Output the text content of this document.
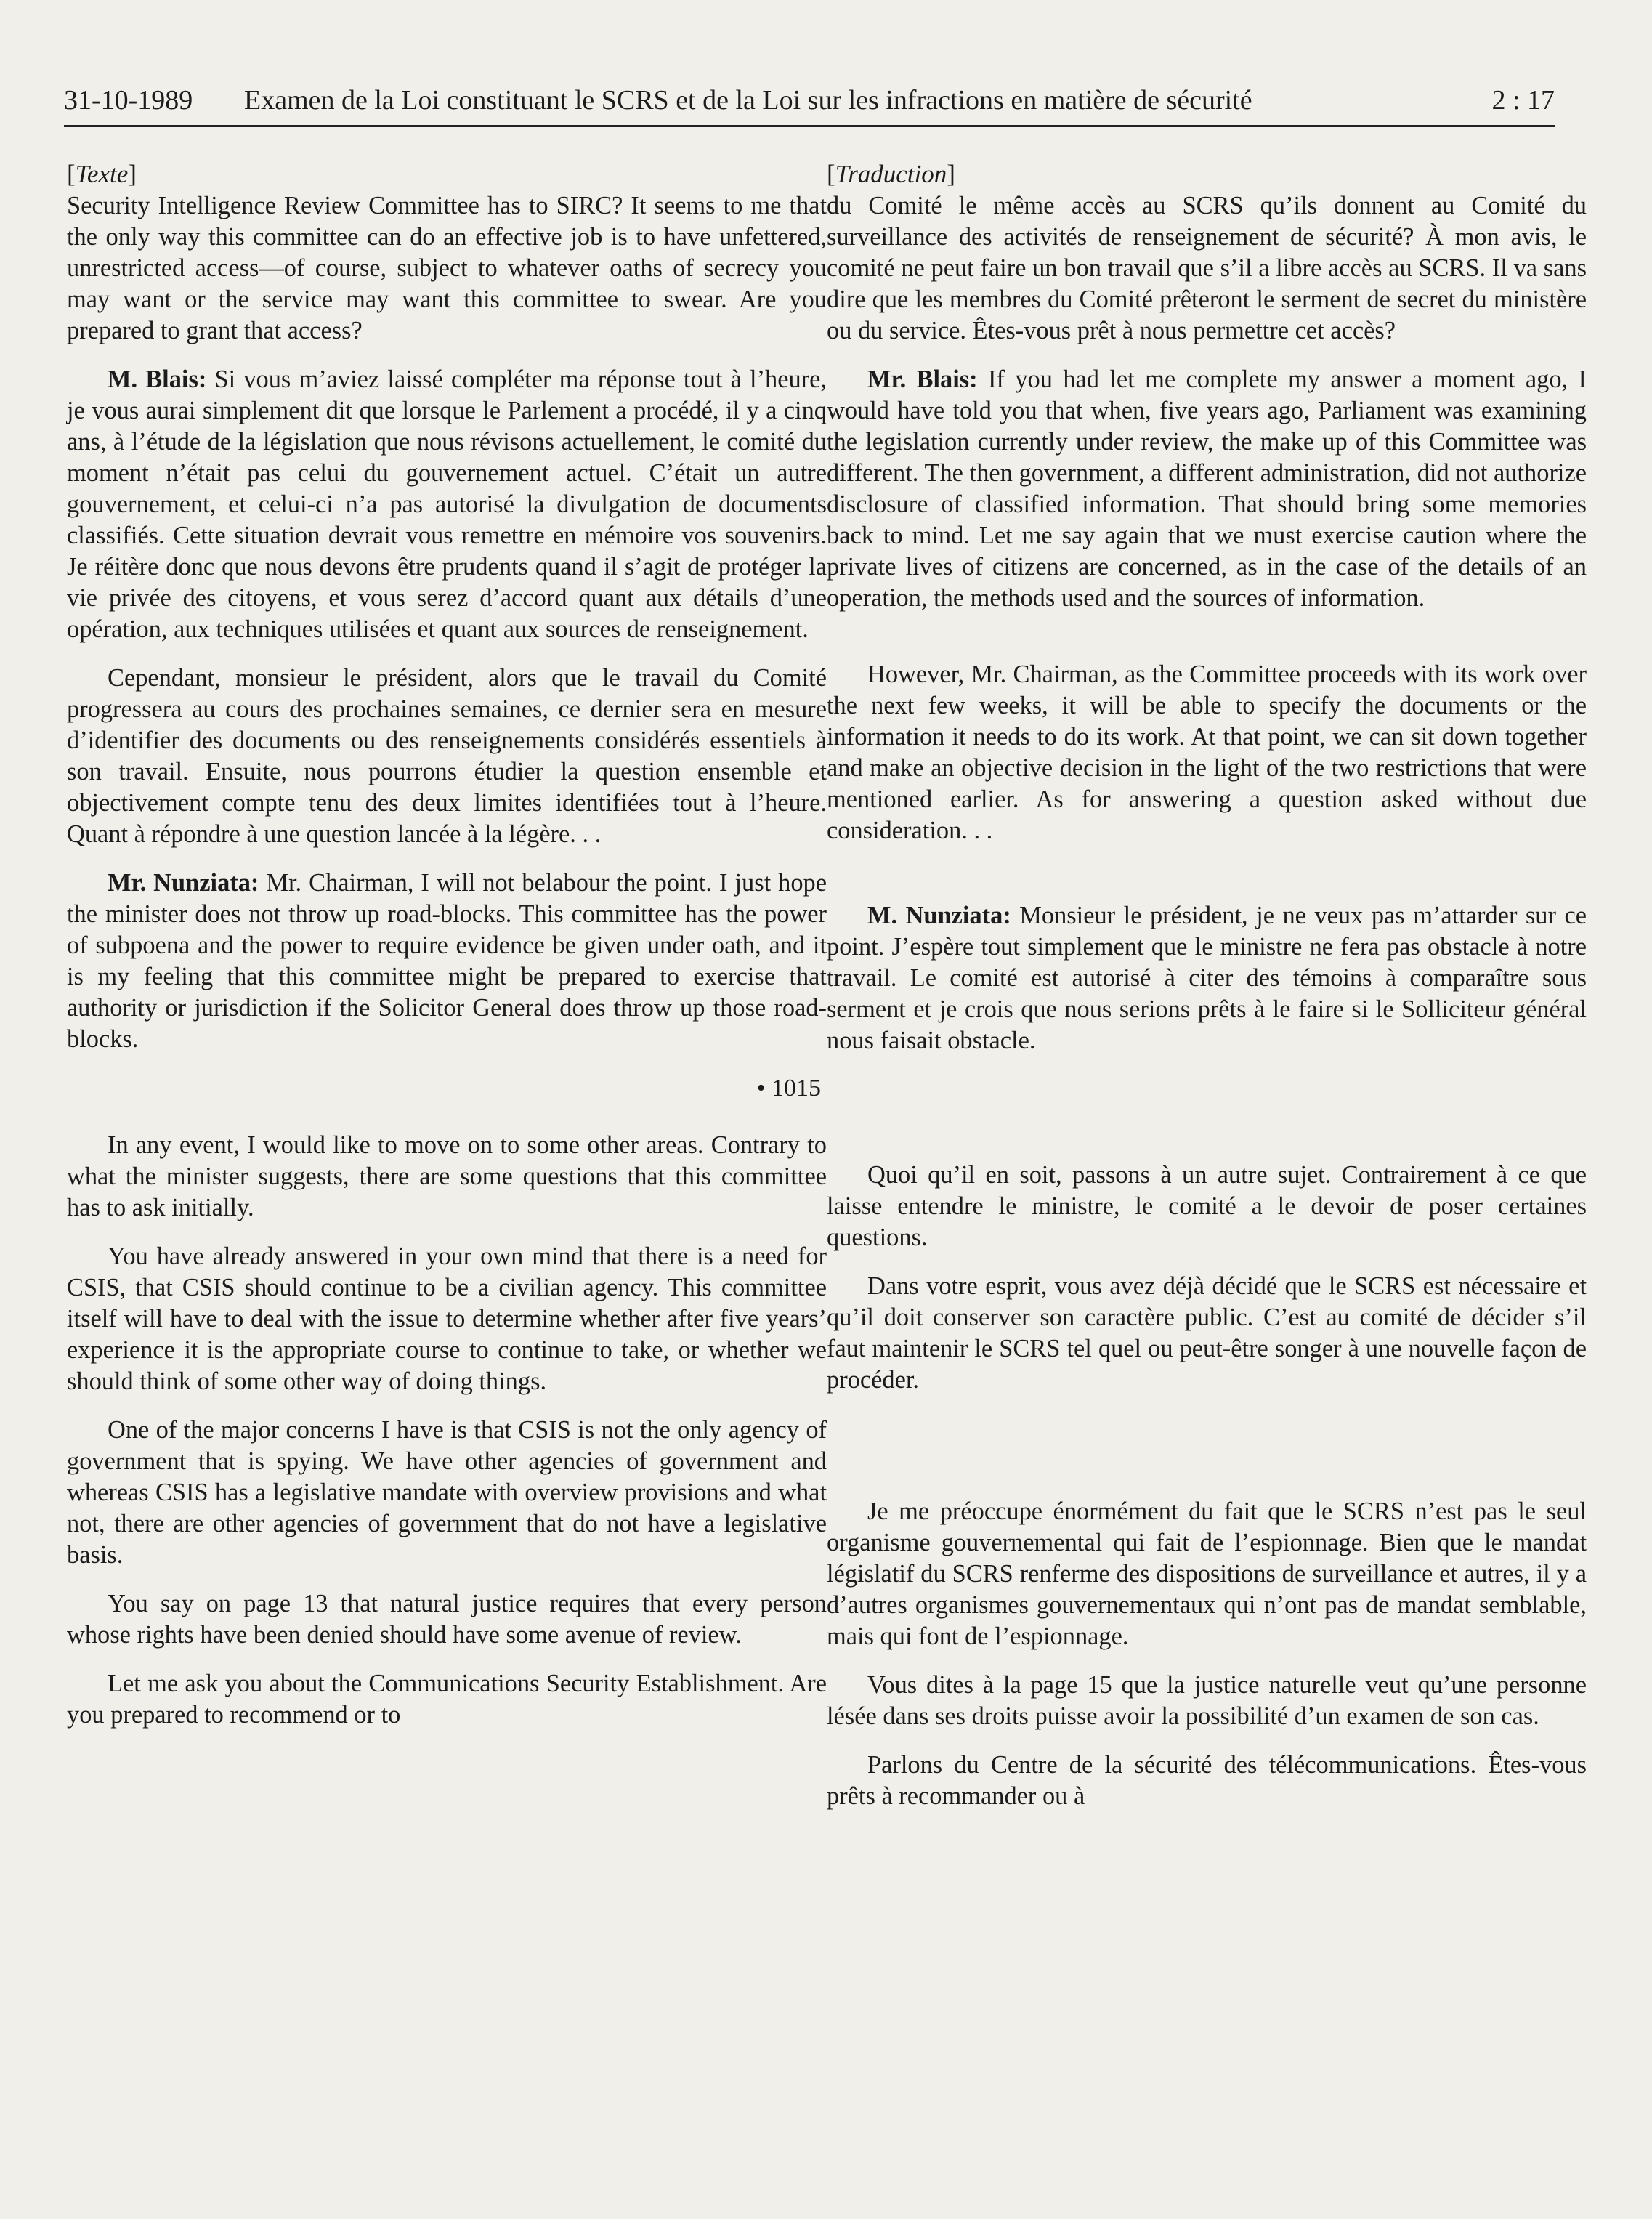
31-10-1989 Examen de la Loi constituant le SCRS et de la Loi sur les infractions en matière de sécurité	2 : 17
[Texte]

Security Intelligence Review Committee has to SIRC? It seems to me that the only way this committee can do an effective job is to have unfettered, unrestricted access—of course, subject to whatever oaths of secrecy you may want or the service may want this committee to swear. Are you prepared to grant that access?

M. Blais: Si vous m’aviez laissé compléter ma réponse tout à l’heure, je vous aurai simplement dit que lorsque le Parlement a procédé, il y a cinq ans, à l’étude de la législation que nous révisons actuellement, le comité du moment n’était pas celui du gouvernement actuel. C’était un autre gouvernement, et celui-ci n’a pas autorisé la divulgation de documents classifiés. Cette situation devrait vous remettre en mémoire vos souvenirs. Je réitère donc que nous devons être prudents quand il s’agit de protéger la vie privée des citoyens, et vous serez d’accord quant aux détails d’une opération, aux techniques utilisées et quant aux sources de renseignement.

Cependant, monsieur le président, alors que le travail du Comité progressera au cours des prochaines semaines, ce dernier sera en mesure d’identifier des documents ou des renseignements considérés essentiels à son travail. Ensuite, nous pourrons étudier la question ensemble et objectivement compte tenu des deux limites identifiées tout à l’heure. Quant à répondre à une question lancée à la légère. . .

Mr. Nunziata: Mr. Chairman, I will not belabour the point. I just hope the minister does not throw up road-blocks. This committee has the power of subpoena and the power to require evidence be given under oath, and it is my feeling that this committee might be prepared to exercise that authority or jurisdiction if the Solicitor General does throw up those road-blocks.

• 1015

In any event, I would like to move on to some other areas. Contrary to what the minister suggests, there are some questions that this committee has to ask initially.

You have already answered in your own mind that there is a need for CSIS, that CSIS should continue to be a civilian agency. This committee itself will have to deal with the issue to determine whether after five years’ experience it is the appropriate course to continue to take, or whether we should think of some other way of doing things.

One of the major concerns I have is that CSIS is not the only agency of government that is spying. We have other agencies of government and whereas CSIS has a legislative mandate with overview provisions and what not, there are other agencies of government that do not have a legislative basis.

You say on page 13 that natural justice requires that every person whose rights have been denied should have some avenue of review.

Let me ask you about the Communications Security Establishment. Are you prepared to recommend or to

[Traduction]

du Comité le même accès au SCRS qu’ils donnent au Comité du surveillance des activités de renseignement de sécurité? À mon avis, le comité ne peut faire un bon travail que s’il a libre accès au SCRS. Il va sans dire que les membres du Comité prêteront le serment de secret du ministère ou du service. Êtes-vous prêt à nous permettre cet accès?

Mr. Blais: If you had let me complete my answer a moment ago, I would have told you that when, five years ago, Parliament was examining the legislation currently under review, the make up of this Committee was different. The then government, a different administration, did not authorize disclosure of classified information. That should bring some memories back to mind. Let me say again that we must exercise caution where the private lives of citizens are concerned, as in the case of the details of an operation, the methods used and the sources of information.

However, Mr. Chairman, as the Committee proceeds with its work over the next few weeks, it will be able to specify the documents or the information it needs to do its work. At that point, we can sit down together and make an objective decision in the light of the two restrictions that were mentioned earlier. As for answering a question asked without due consideration. . .

M. Nunziata: Monsieur le président, je ne veux pas m’attarder sur ce point. J’espère tout simplement que le ministre ne fera pas obstacle à notre travail. Le comité est autorisé à citer des témoins à comparaître sous serment et je crois que nous serions prêts à le faire si le Solliciteur général nous faisait obstacle.

Quoi qu’il en soit, passons à un autre sujet. Contrairement à ce que laisse entendre le ministre, le comité a le devoir de poser certaines questions.

Dans votre esprit, vous avez déjà décidé que le SCRS est nécessaire et qu’il doit conserver son caractère public. C’est au comité de décider s’il faut maintenir le SCRS tel quel ou peut-être songer à une nouvelle façon de procéder.

Je me préoccupe énormément du fait que le SCRS n’est pas le seul organisme gouvernemental qui fait de l’espionnage. Bien que le mandat législatif du SCRS renferme des dispositions de surveillance et autres, il y a d’autres organismes gouvernementaux qui n’ont pas de mandat semblable, mais qui font de l’espionnage.

Vous dites à la page 15 que la justice naturelle veut qu’une personne lésée dans ses droits puisse avoir la possibilité d’un examen de son cas.

Parlons du Centre de la sécurité des télécommunications. Êtes-vous prêts à recommander ou à
